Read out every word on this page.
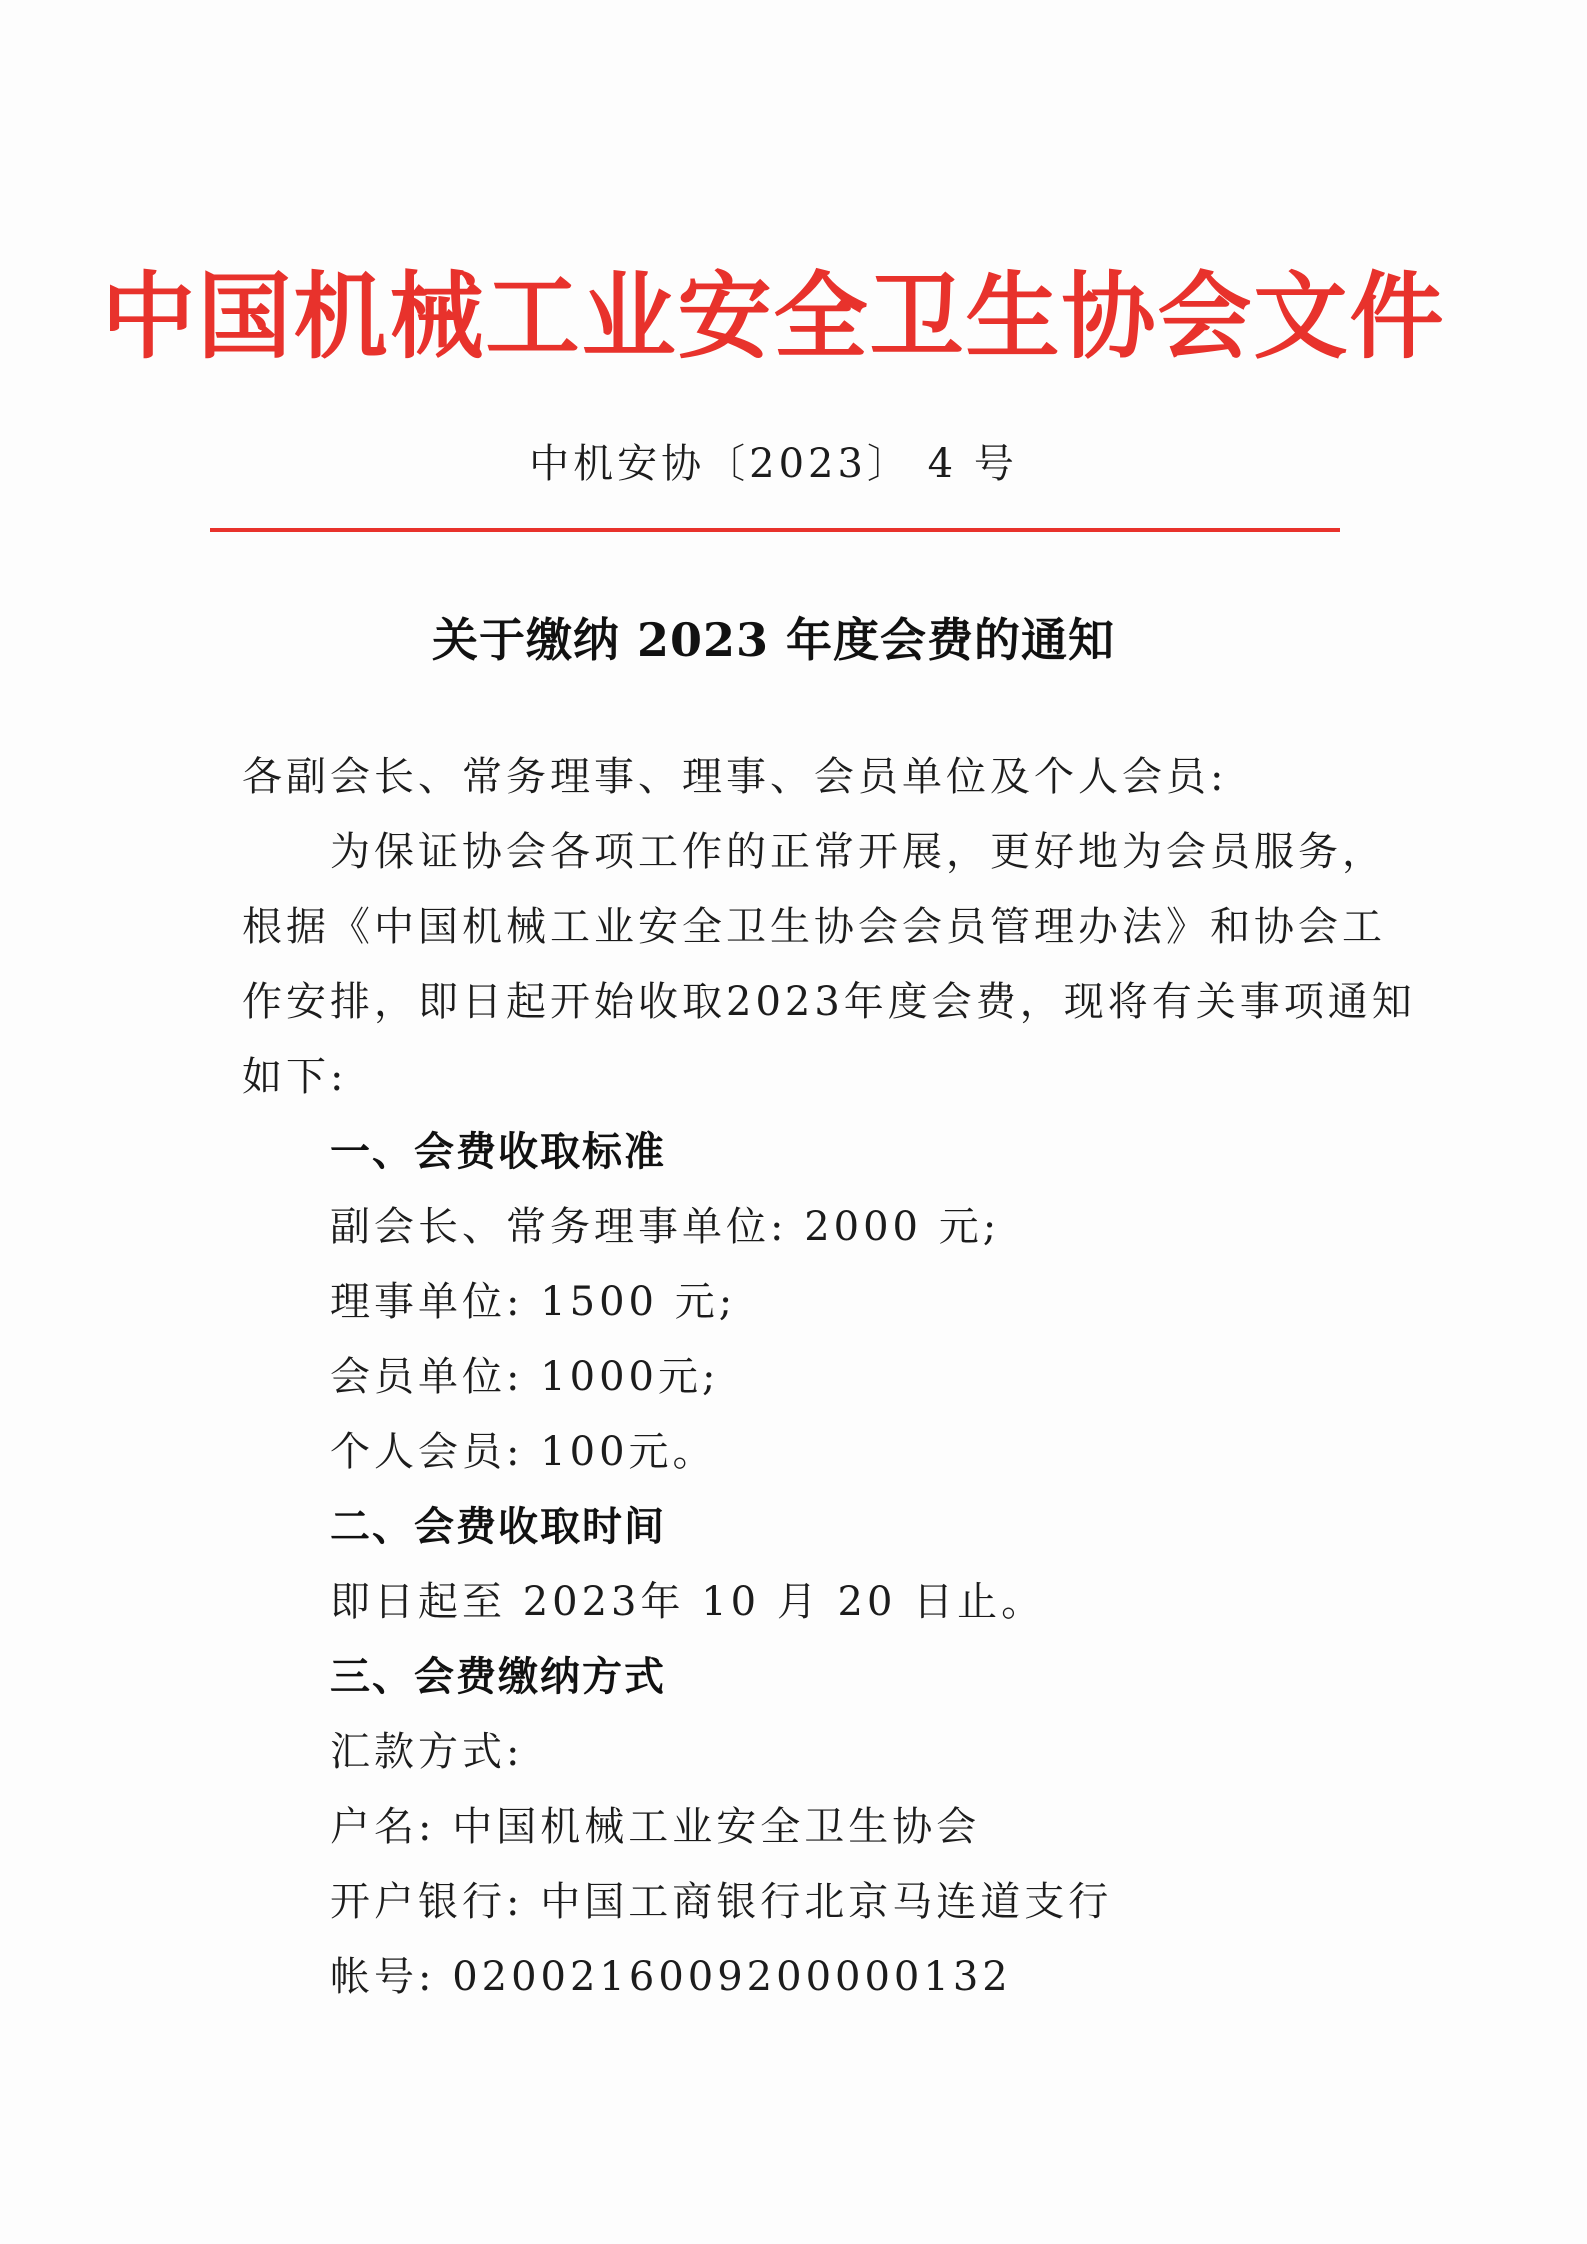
中国机械工业安全卫生协会文件
中机安协〔2023〕 4 号
关于缴纳 2023 年度会费的通知
各副会长、常务理事、理事、会员单位及个人会员:
为保证协会各项工作的正常开展，更好地为会员服务，
根据《中国机械工业安全卫生协会会员管理办法》和协会工
作安排，即日起开始收取2023年度会费，现将有关事项通知
如下:
一、会费收取标准
副会长、常务理事单位: 2000 元;
理事单位: 1500 元;
会员单位: 1000元;
个人会员: 100元。
二、会费收取时间
即日起至 2023年 10 月 20 日止。
三、会费缴纳方式
汇款方式:
户名: 中国机械工业安全卫生协会
开户银行: 中国工商银行北京马连道支行
帐号: 0200216009200000132
